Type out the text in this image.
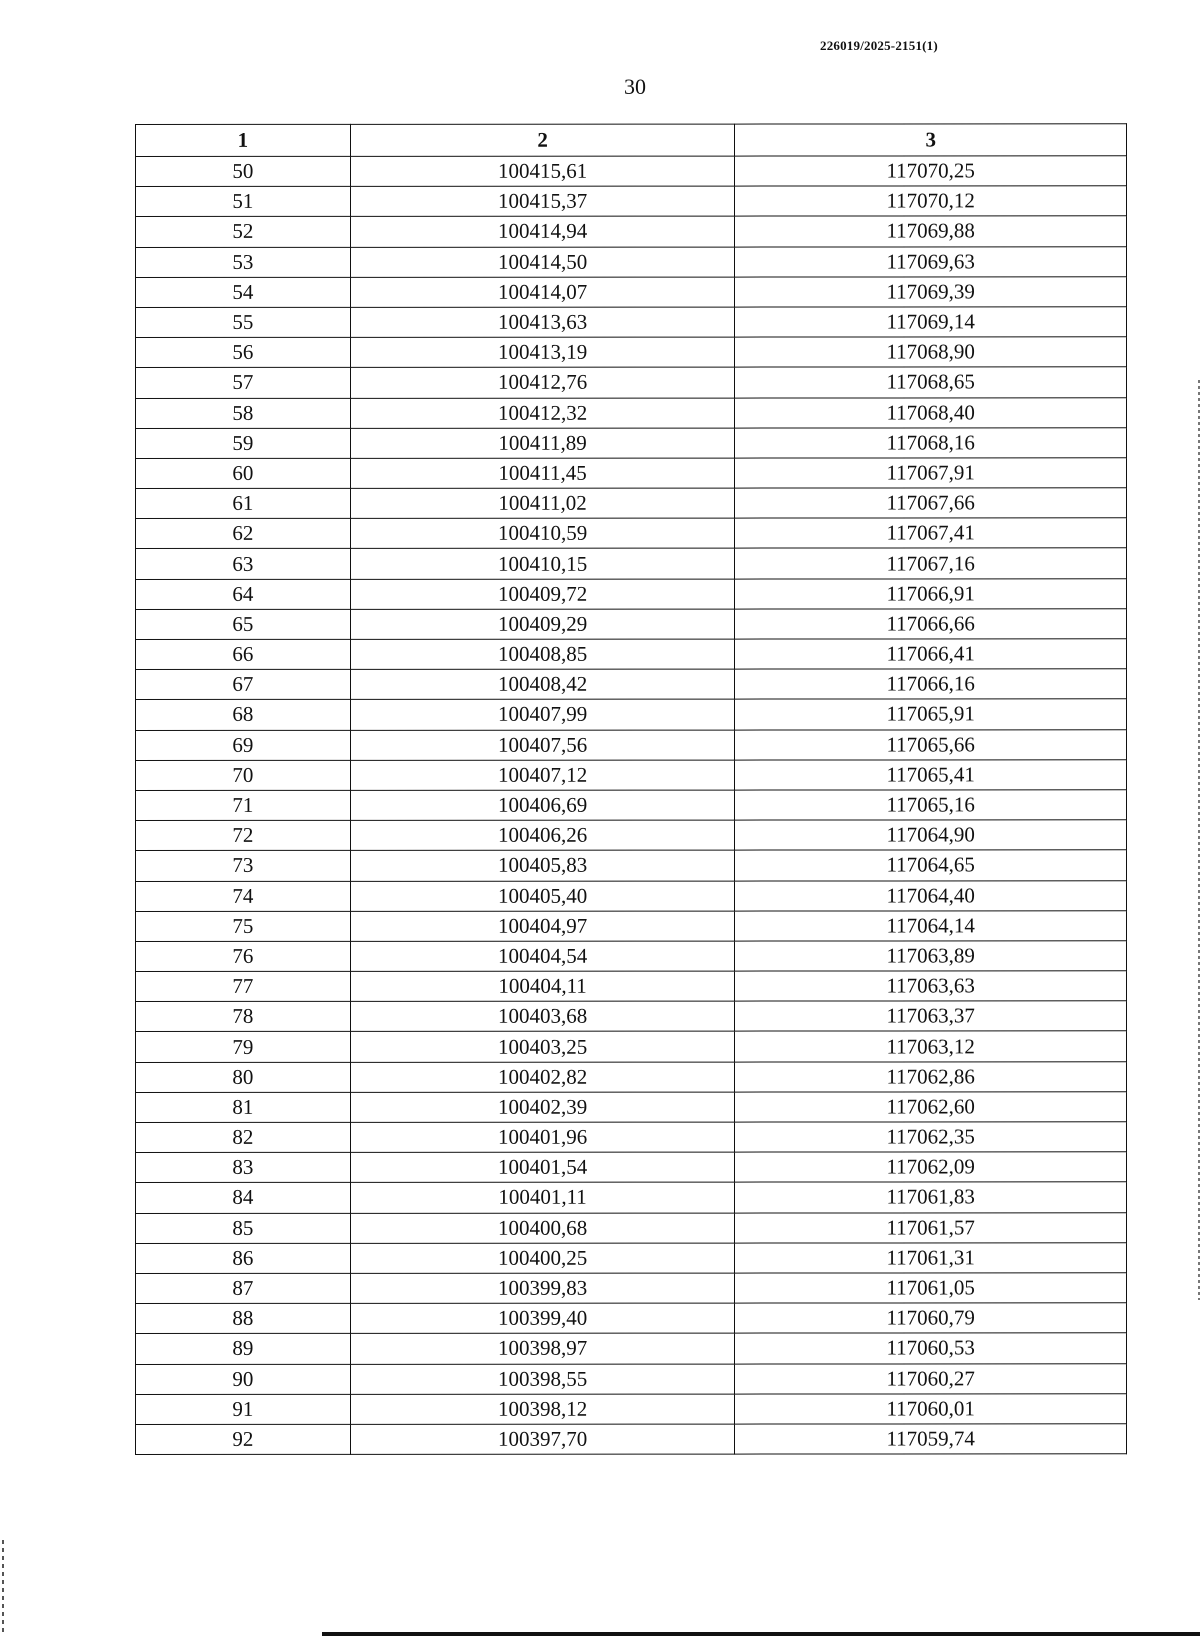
226019/2025-2151(1)
30
1	2	3
50	100415,61	117070,25
51	100415,37	117070,12
52	100414,94	117069,88
53	100414,50	117069,63
54	100414,07	117069,39
55	100413,63	117069,14
56	100413,19	117068,90
57	100412,76	117068,65
58	100412,32	117068,40
59	100411,89	117068,16
60	100411,45	117067,91
61	100411,02	117067,66
62	100410,59	117067,41
63	100410,15	117067,16
64	100409,72	117066,91
65	100409,29	117066,66
66	100408,85	117066,41
67	100408,42	117066,16
68	100407,99	117065,91
69	100407,56	117065,66
70	100407,12	117065,41
71	100406,69	117065,16
72	100406,26	117064,90
73	100405,83	117064,65
74	100405,40	117064,40
75	100404,97	117064,14
76	100404,54	117063,89
77	100404,11	117063,63
78	100403,68	117063,37
79	100403,25	117063,12
80	100402,82	117062,86
81	100402,39	117062,60
82	100401,96	117062,35
83	100401,54	117062,09
84	100401,11	117061,83
85	100400,68	117061,57
86	100400,25	117061,31
87	100399,83	117061,05
88	100399,40	117060,79
89	100398,97	117060,53
90	100398,55	117060,27
91	100398,12	117060,01
92	100397,70	117059,74
